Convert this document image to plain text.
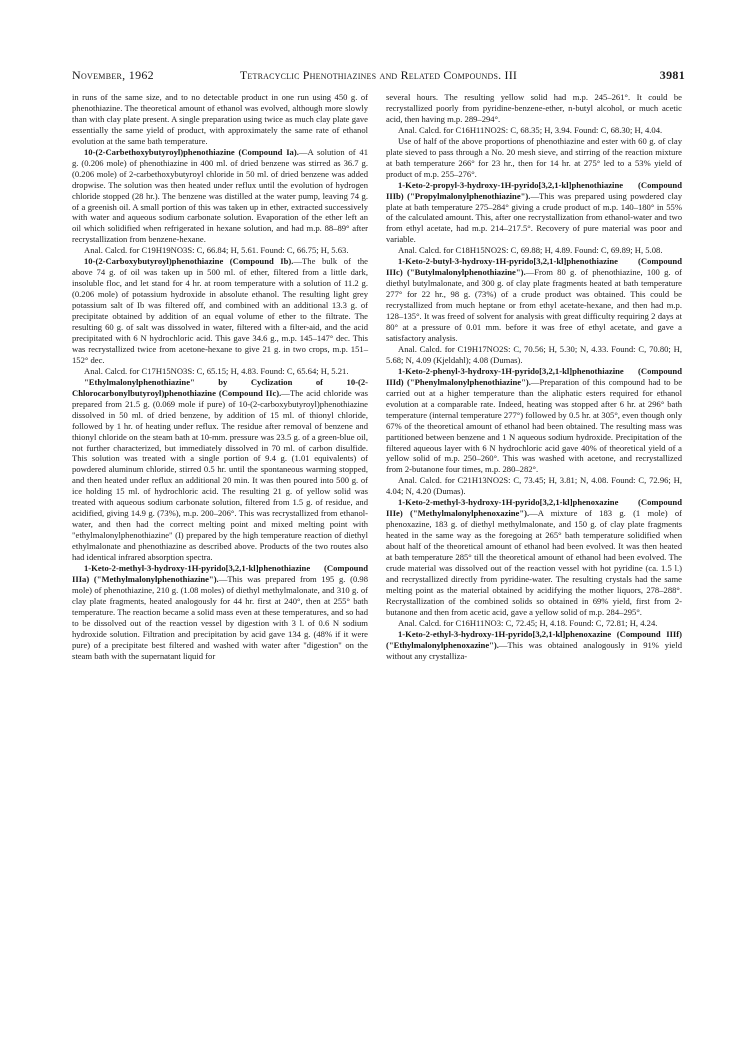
November, 1962	Tetracyclic Phenothiazines and Related Compounds. III	3981

in runs of the same size, and to no detectable product in one run using 450 g. of phenothiazine. The theoretical amount of ethanol was evolved, although more slowly than with clay plate present. A single preparation using twice as much clay plate gave essentially the same yield of product, with approximately the same rate of ethanol evolution at the same bath temperature.

10-(2-Carbethoxybutyroyl)phenothiazine (Compound Ia).—A solution of 41 g. (0.206 mole) of phenothiazine in 400 ml. of dried benzene was stirred as 36.7 g. (0.206 mole) of 2-carbethoxybutyroyl chloride in 50 ml. of dried benzene was added dropwise. The solution was then heated under reflux until the evolution of hydrogen chloride stopped (28 hr.). The benzene was distilled at the water pump, leaving 74 g. of a greenish oil. A small portion of this was taken up in ether, extracted successively with water and aqueous sodium carbonate solution. Evaporation of the ether left an oil which solidified when refrigerated in hexane solution, and had m.p. 88–89° after recrystallization from benzene-hexane.

Anal. Calcd. for C19H19NO3S: C, 66.84; H, 5.61. Found: C, 66.75; H, 5.63.

10-(2-Carboxybutyroyl)phenothiazine (Compound Ib).—The bulk of the above 74 g. of oil was taken up in 500 ml. of ether, filtered from a little dark, insoluble floc, and let stand for 4 hr. at room temperature with a solution of 11.2 g. (0.206 mole) of potassium hydroxide in absolute ethanol. The resulting light grey potassium salt of Ib was filtered off, and combined with an additional 13.3 g. of precipitate obtained by addition of an equal volume of ether to the filtrate. The resulting 60 g. of salt was dissolved in water, filtered with a filter-aid, and the acid precipitated with 6 N hydrochloric acid. This gave 34.6 g., m.p. 145–147° dec. This was recrystallized twice from acetone-hexane to give 21 g. in two crops, m.p. 151–152° dec.

Anal. Calcd. for C17H15NO3S: C, 65.15; H, 4.83. Found: C, 65.64; H, 5.21.

"Ethylmalonylphenothiazine" by Cyclization of 10-(2-Chlorocarbonylbutyroyl)phenothiazine (Compound IIc).—The acid chloride was prepared from 21.5 g. (0.069 mole if pure) of 10-(2-carboxybutyroyl)phenothiazine dissolved in 50 ml. of dried benzene, by addition of 15 ml. of thionyl chloride, followed by 1 hr. of heating under reflux. The residue after removal of benzene and thionyl chloride on the steam bath at 10-mm. pressure was 23.5 g. of a green-blue oil, not further characterized, but immediately dissolved in 70 ml. of carbon disulfide. This solution was treated with a single portion of 9.4 g. (1.01 equivalents) of powdered aluminum chloride, stirred 0.5 hr. until the spontaneous warming stopped, and then heated under reflux an additional 20 min. It was then poured into 500 g. of ice holding 15 ml. of hydrochloric acid. The resulting 21 g. of yellow solid was treated with aqueous sodium carbonate solution, filtered from 1.5 g. of residue, and acidified, giving 14.9 g. (73%), m.p. 200–206°. This was recrystallized from ethanol-water, and then had the correct melting point and mixed melting point with "ethylmalonylphenothiazine" (I) prepared by the high temperature reaction of diethyl ethylmalonate and phenothiazine as described above. Products of the two routes also had identical infrared absorption spectra.

1-Keto-2-methyl-3-hydroxy-1H-pyrido[3,2,1-kl]phenothiazine (Compound IIIa) ("Methylmalonylphenothiazine").—This was prepared from 195 g. (0.98 mole) of phenothiazine, 210 g. (1.08 moles) of diethyl methylmalonate, and 310 g. of clay plate fragments, heated analogously for 44 hr. first at 240°, then at 255° bath temperature. The reaction became a solid mass even at these temperatures, and so had to be dissolved out of the reaction vessel by digestion with 3 l. of 0.6 N sodium hydroxide solution. Filtration and precipitation by acid gave 134 g. (48% if it were pure) of a precipitate best filtered and washed with water after "digestion" on the steam bath with the supernatant liquid for

several hours. The resulting yellow solid had m.p. 245–261°. It could be recrystallized poorly from pyridine-benzene-ether, n-butyl alcohol, or much acetic acid, then having m.p. 289–294°.

Anal. Calcd. for C16H11NO2S: C, 68.35; H, 3.94. Found: C, 68.30; H, 4.04.

Use of half of the above proportions of phenothiazine and ester with 60 g. of clay plate sieved to pass through a No. 20 mesh sieve, and stirring of the reaction mixture at bath temperature 266° for 23 hr., then for 14 hr. at 275° led to a 53% yield of product of m.p. 255–276°.

1-Keto-2-propyl-3-hydroxy-1H-pyrido[3,2,1-kl]phenothiazine (Compound IIIb) ("Propylmalonylphenothiazine").—This was prepared using powdered clay plate at bath temperature 275–284° giving a crude product of m.p. 140–180° in 55% of the calculated amount. This, after one recrystallization from ethanol-water and two from ethyl acetate, had m.p. 214–217.5°. Recovery of pure material was poor and variable.

Anal. Calcd. for C18H15NO2S: C, 69.88; H, 4.89. Found: C, 69.89; H, 5.08.

1-Keto-2-butyl-3-hydroxy-1H-pyrido[3,2,1-kl]phenothiazine (Compound IIIc) ("Butylmalonylphenothiazine").—From 80 g. of phenothiazine, 100 g. of diethyl butylmalonate, and 300 g. of clay plate fragments heated at bath temperature 277° for 22 hr., 98 g. (73%) of a crude product was obtained. This could be recrystallized from much heptane or from ethyl acetate-hexane, and then had m.p. 128–135°. It was freed of solvent for analysis with great difficulty requiring 2 days at 80° at a pressure of 0.01 mm. before it was free of ethyl acetate, and gave a satisfactory analysis.

Anal. Calcd. for C19H17NO2S: C, 70.56; H, 5.30; N, 4.33. Found: C, 70.80; H, 5.68; N, 4.09 (Kjeldahl); 4.08 (Dumas).

1-Keto-2-phenyl-3-hydroxy-1H-pyrido[3,2,1-kl]phenothiazine (Compound IIId) ("Phenylmalonylphenothiazine").—Preparation of this compound had to be carried out at a higher temperature than the aliphatic esters required for ethanol evolution at a comparable rate. Indeed, heating was stopped after 6 hr. at 296° bath temperature (internal temperature 277°) followed by 0.5 hr. at 305°, even though only 67% of the theoretical amount of ethanol had been obtained. The resulting mass was partitioned between benzene and 1 N aqueous sodium hydroxide. Precipitation of the filtered aqueous layer with 6 N hydrochloric acid gave 40% of theoretical yield of a yellow solid of m.p. 250–260°. This was washed with acetone, and recrystallized from 2-butanone four times, m.p. 280–282°.

Anal. Calcd. for C21H13NO2S: C, 73.45; H, 3.81; N, 4.08. Found: C, 72.96; H, 4.04; N, 4.20 (Dumas).

1-Keto-2-methyl-3-hydroxy-1H-pyrido[3,2,1-kl]phenoxazine (Compound IIIe) ("Methylmalonylphenoxazine").—A mixture of 183 g. (1 mole) of phenoxazine, 183 g. of diethyl methylmalonate, and 150 g. of clay plate fragments heated in the same way as the foregoing at 265° bath temperature solidified when about half of the theoretical amount of ethanol had been evolved. It was then heated at bath temperature 285° till the theoretical amount of ethanol had been evolved. The crude material was dissolved out of the reaction vessel with hot pyridine (ca. 1.5 l.) and recrystallized directly from pyridine-water. The resulting crystals had the same melting point as the material obtained by acidifying the mother liquors, 278–288°. Recrystallization of the combined solids so obtained in 69% yield, first from 2-butanone and then from acetic acid, gave a yellow solid of m.p. 284–295°.

Anal. Calcd. for C16H11NO3: C, 72.45; H, 4.18. Found: C, 72.81; H, 4.24.

1-Keto-2-ethyl-3-hydroxy-1H-pyrido[3,2,1-kl]phenoxazine (Compound IIIf) ("Ethylmalonylphenoxazine").—This was obtained analogously in 91% yield without any crystalliza-
